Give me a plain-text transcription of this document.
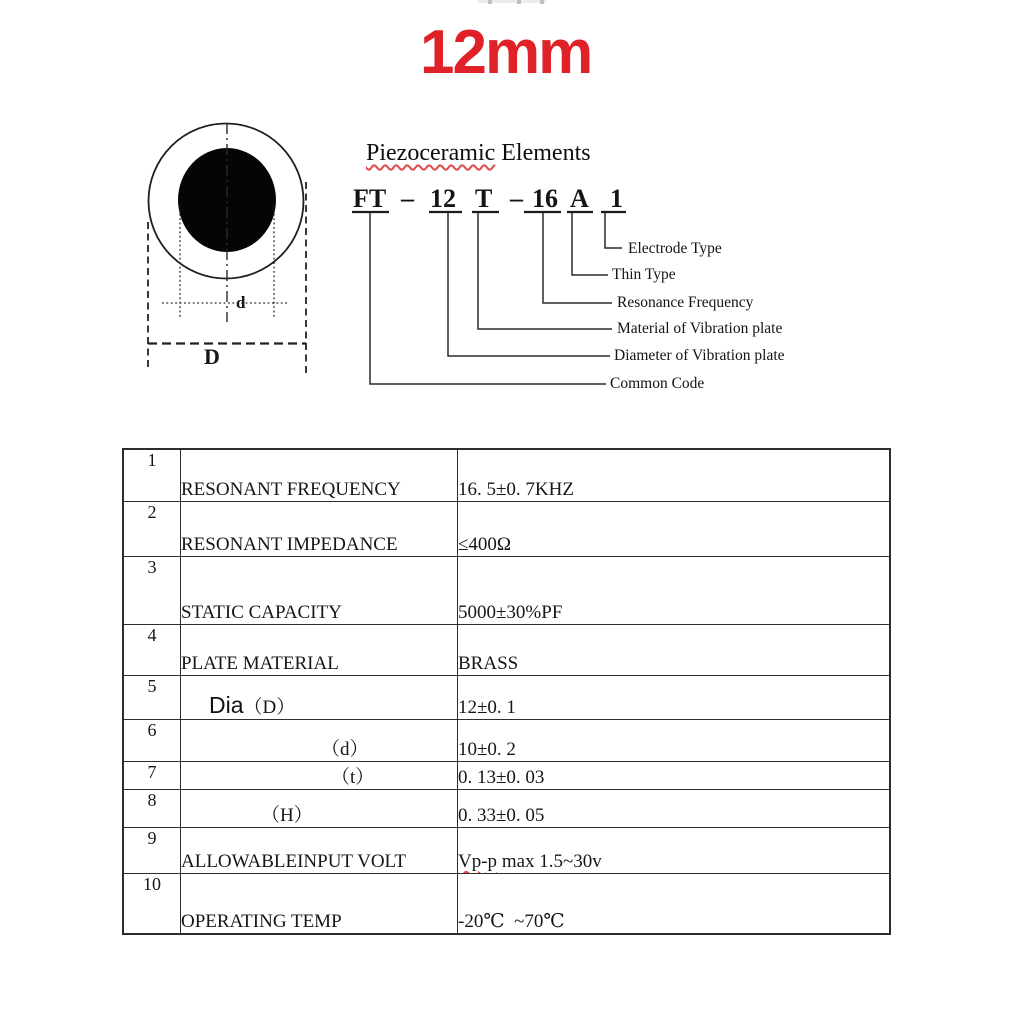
12mm
d
D
Piezoceramic Elements
FT – 12 T – 16 A 1
Electrode Type
Thin Type
Resonance Frequency
Material of Vibration plate
Diameter of Vibration plate
Common Code
1	RESONANT FREQUENCY	16. 5±0. 7KHZ
2	RESONANT IMPEDANCE	≤400Ω
3	STATIC CAPACITY	5000±30%PF
4	PLATE MATERIAL	BRASS
5	Dia（D）	12±0. 1
6	（d）	10±0. 2
7	（t）	0. 13±0. 03
8	（H）	0. 33±0. 05
9	ALLOWABLEINPUT VOLT	Vp-p max 1.5~30v
10	OPERATING TEMP	-20℃  ~70℃
